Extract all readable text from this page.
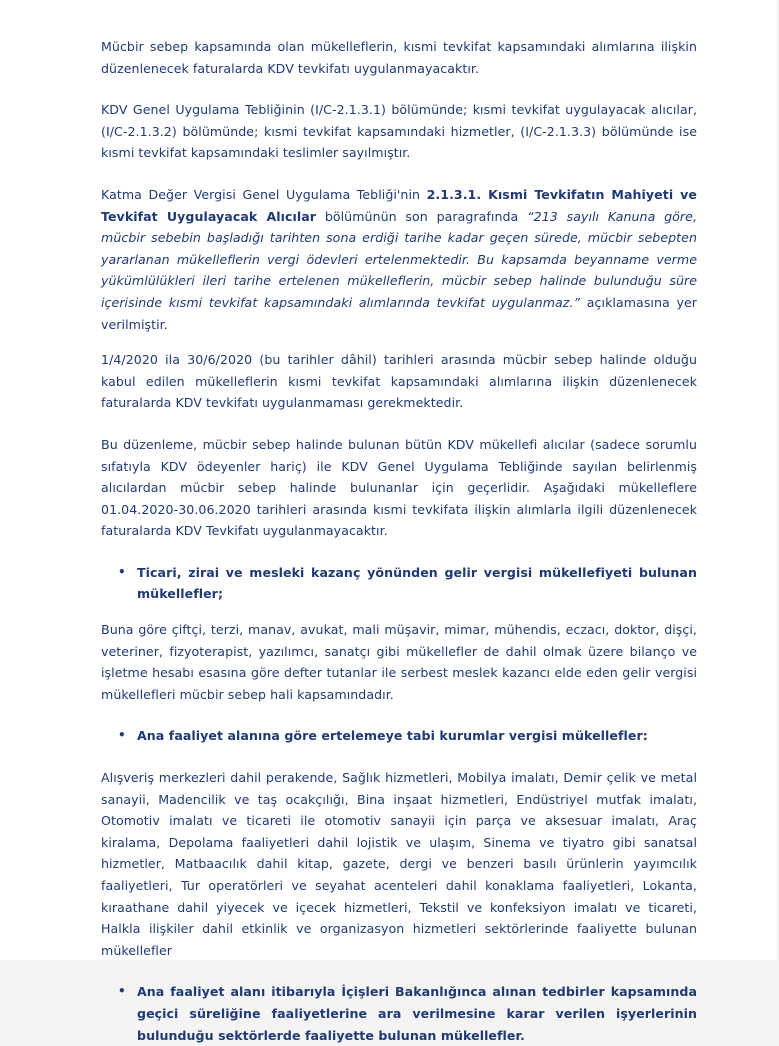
Mücbir sebep kapsamında olan mükelleflerin, kısmi tevkifat kapsamındaki alımlarına ilişkin düzenlenecek faturalarda KDV tevkifatı uygulanmayacaktır.

KDV Genel Uygulama Tebliğinin (I/C-2.1.3.1) bölümünde; kısmi tevkifat uygulayacak alıcılar, (I/C-2.1.3.2) bölümünde; kısmi tevkifat kapsamındaki hizmetler, (I/C-2.1.3.3) bölümünde ise kısmi tevkifat kapsamındaki teslimler sayılmıştır.

Katma Değer Vergisi Genel Uygulama Tebliği'nin 2.1.3.1. Kısmi Tevkifatın Mahiyeti ve Tevkifat Uygulayacak Alıcılar bölümünün son paragrafında “213 sayılı Kanuna göre, mücbir sebebin başladığı tarihten sona erdiği tarihe kadar geçen sürede, mücbir sebepten yararlanan mükelleflerin vergi ödevleri ertelenmektedir. Bu kapsamda beyanname verme yükümlülükleri ileri tarihe ertelenen mükelleflerin, mücbir sebep halinde bulunduğu süre içerisinde kısmi tevkifat kapsamındaki alımlarında tevkifat uygulanmaz.” açıklamasına yer verilmiştir.

1/4/2020 ila 30/6/2020 (bu tarihler dâhil) tarihleri arasında mücbir sebep halinde olduğu kabul edilen mükelleflerin kısmi tevkifat kapsamındaki alımlarına ilişkin düzenlenecek faturalarda KDV tevkifatı uygulanmaması gerekmektedir.

Bu düzenleme, mücbir sebep halinde bulunan bütün KDV mükellefi alıcılar (sadece sorumlu sıfatıyla KDV ödeyenler hariç) ile KDV Genel Uygulama Tebliğinde sayılan belirlenmiş alıcılardan mücbir sebep halinde bulunanlar için geçerlidir. Aşağıdaki mükelleflere 01.04.2020-30.06.2020 tarihleri arasında kısmi tevkifata ilişkin alımlarla ilgili düzenlenecek faturalarda KDV Tevkifatı uygulanmayacaktır.

• Ticari, zirai ve mesleki kazanç yönünden gelir vergisi mükellefiyeti bulunan mükellefler;

Buna göre çiftçi, terzi, manav, avukat, mali müşavir, mimar, mühendis, eczacı, doktor, dişçi, veteriner, fizyoterapist, yazılımcı, sanatçı gibi mükellefler de dahil olmak üzere bilanço ve işletme hesabı esasına göre defter tutanlar ile serbest meslek kazancı elde eden gelir vergisi mükellefleri mücbir sebep hali kapsamındadır.

• Ana faaliyet alanına göre ertelemeye tabi kurumlar vergisi mükellefler:

Alışveriş merkezleri dahil perakende, Sağlık hizmetleri, Mobilya imalatı, Demir çelik ve metal sanayii, Madencilik ve taş ocakçılığı, Bina inşaat hizmetleri, Endüstriyel mutfak imalatı, Otomotiv imalatı ve ticareti ile otomotiv sanayii için parça ve aksesuar imalatı, Araç kiralama, Depolama faaliyetleri dahil lojistik ve ulaşım, Sinema ve tiyatro gibi sanatsal hizmetler, Matbaacılık dahil kitap, gazete, dergi ve benzeri basılı ürünlerin yayımcılık faaliyetleri, Tur operatörleri ve seyahat acenteleri dahil konaklama faaliyetleri, Lokanta, kıraathane dahil yiyecek ve içecek hizmetleri, Tekstil ve konfeksiyon imalatı ve ticareti, Halkla ilişkiler dahil etkinlik ve organizasyon hizmetleri sektörlerinde faaliyette bulunan mükellefler

• Ana faaliyet alanı itibarıyla İçişleri Bakanlığınca alınan tedbirler kapsamında geçici süreliğine faaliyetlerine ara verilmesine karar verilen işyerlerinin bulunduğu sektörlerde faaliyette bulunan mükellefler.
